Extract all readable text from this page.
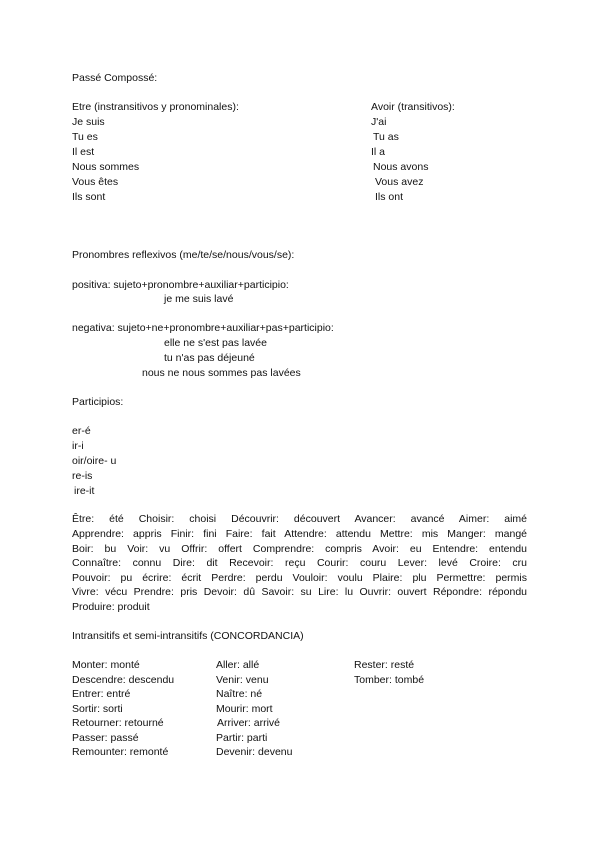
Passé Compossé:
Etre (instransitivos y pronominales):	Avoir (transitivos):
Je suis
Tu es
Il est
Nous sommes
Vous êtes
Ils sont
J'ai
Tu as
Il a
Nous avons
Vous avez
Ils ont
Pronombres reflexivos (me/te/se/nous/vous/se):
positiva: sujeto+pronombre+auxiliar+participio:
je me suis lavé
negativa: sujeto+ne+pronombre+auxiliar+pas+participio:
elle ne s'est pas lavée
tu n'as pas déjeuné
nous ne nous sommes pas lavées
Participios:
er-é
ir-i
oir/oire- u
re-is
ire-it
Être: été Choisir: choisi Découvrir: découvert Avancer: avancé Aimer: aimé
Apprendre: appris Finir: fini Faire: fait Attendre: attendu Mettre: mis Manger: mangé
Boir: bu Voir: vu Offrir: offert Comprendre: compris Avoir: eu Entendre: entendu
Connaître: connu Dire: dit Recevoir: reçu Courir: couru Lever: levé Croire: cru
Pouvoir: pu écrire: écrit Perdre: perdu Vouloir: voulu Plaire: plu Permettre: permis
Vivre: vécu Prendre: pris Devoir: dû Savoir: su Lire: lu Ouvrir: ouvert Répondre: répondu
Produire: produit
Intransitifs et semi-intransitifs (CONCORDANCIA)
Monter: monté
Descendre: descendu
Entrer: entré
Sortir: sorti
Retourner: retourné
Passer: passé
Remounter: remonté
Aller: allé
Venir: venu
Naître: né
Mourir: mort
Arriver: arrivé
Partir: parti
Devenir: devenu
Rester: resté
Tomber: tombé
